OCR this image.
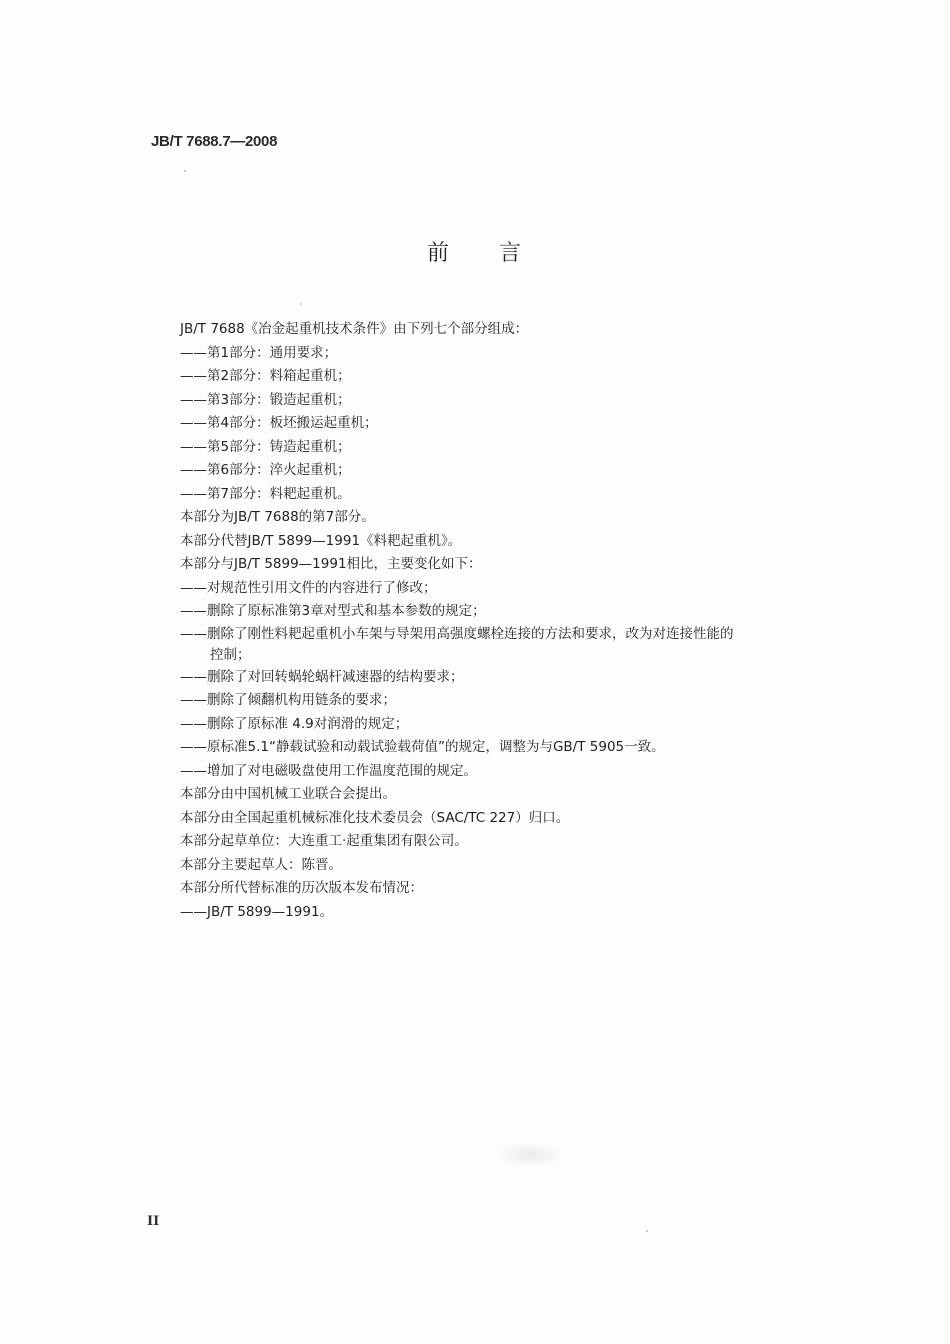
JB/T 7688.7—2008
前 言
JB/T 7688《冶金起重机技术条件》由下列七个部分组成：
——第1部分：通用要求；
——第2部分：料箱起重机；
——第3部分：锻造起重机；
——第4部分：板坯搬运起重机；
——第5部分：铸造起重机；
——第6部分：淬火起重机；
——第7部分：料耙起重机。
本部分为JB/T 7688的第7部分。
本部分代替JB/T 5899—1991《料耙起重机》。
本部分与JB/T 5899—1991相比，主要变化如下：
——对规范性引用文件的内容进行了修改；
——删除了原标准第3章对型式和基本参数的规定；
——删除了刚性料耙起重机小车架与导架用高强度螺栓连接的方法和要求，改为对连接性能的
控制；
——删除了对回转蜗轮蜗杆减速器的结构要求；
——删除了倾翻机构用链条的要求；
——删除了原标准 4.9对润滑的规定；
——原标准5.1“静载试验和动载试验载荷值”的规定，调整为与GB/T 5905一致。
——增加了对电磁吸盘使用工作温度范围的规定。
本部分由中国机械工业联合会提出。
本部分由全国起重机械标准化技术委员会（SAC/TC 227）归口。
本部分起草单位：大连重工·起重集团有限公司。
本部分主要起草人：陈晋。
本部分所代替标准的历次版本发布情况：
——JB/T 5899—1991。
II
